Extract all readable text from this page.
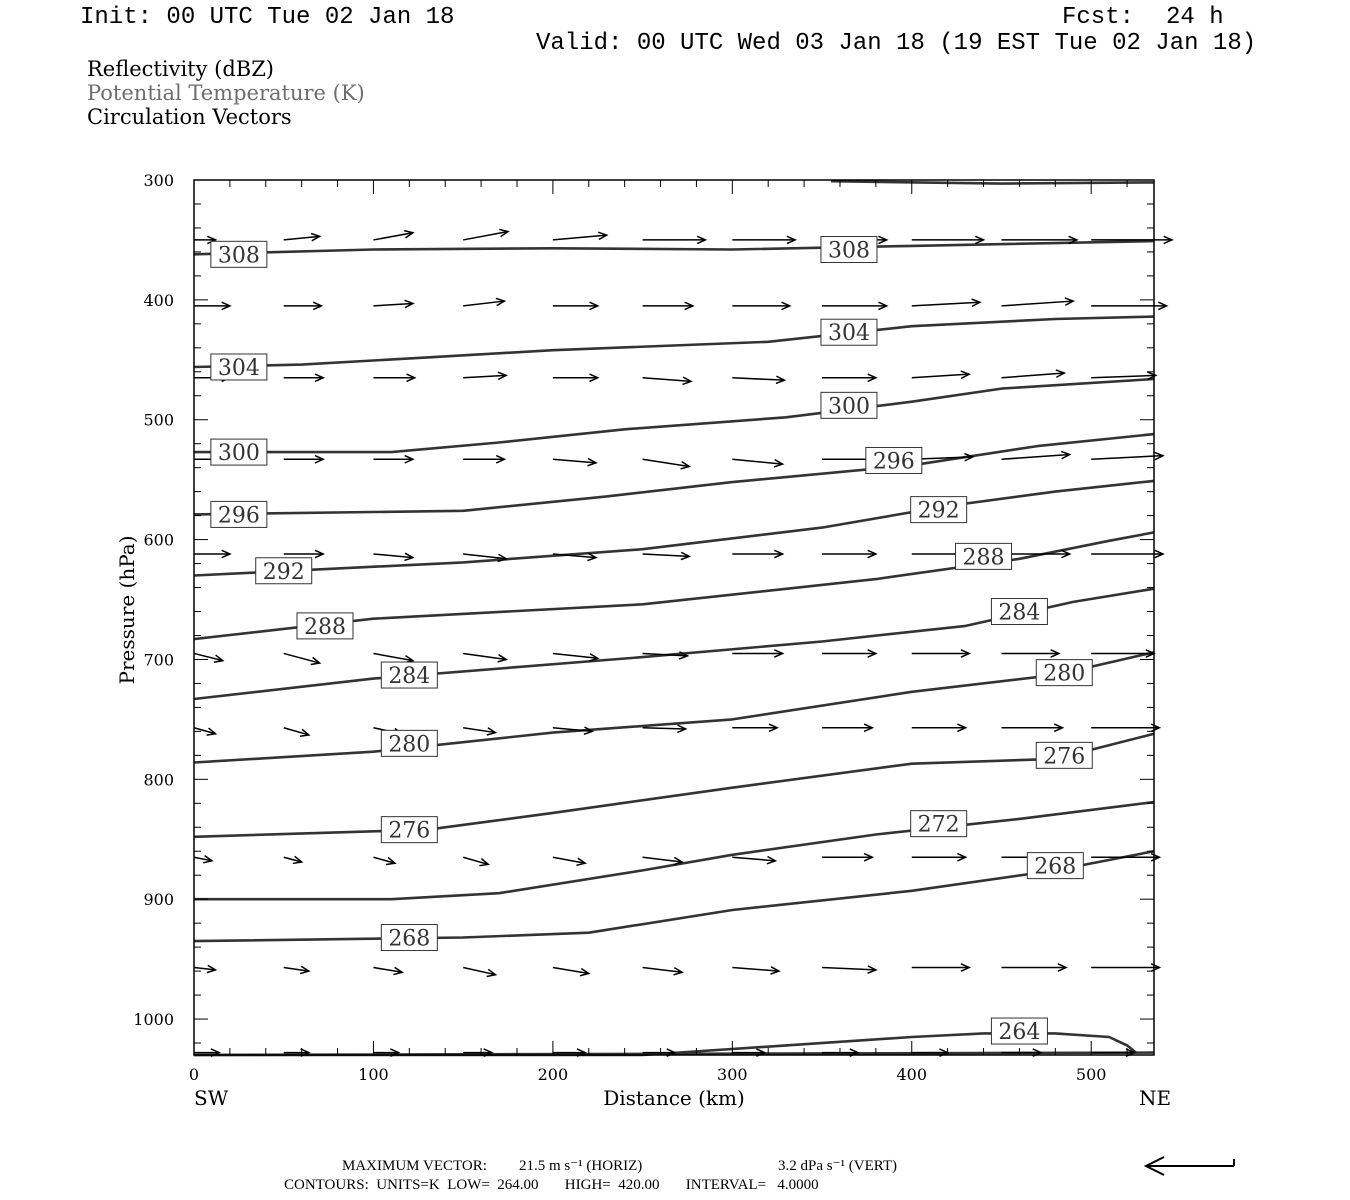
Init: 00 UTC Tue 02 Jan 18	Fcst: 24 h
Valid: 00 UTC Wed 03 Jan 18 (19 EST Tue 02 Jan 18)
Reflectivity (dBZ)
Potential Temperature (K)
Circulation Vectors
308	308
304
304
300
300
296
296
292
292
288
288
284
284
280
280
276
276
272
268
268
264
0	100	200	300	400	500
300
400
500
600
700
800
900
1000
Distance (km)
SW	NE
Pressure (hPa)
MAXIMUM VECTOR: 21.5 m s⁻¹ (HORIZ)	3.2 dPa s⁻¹ (VERT)
CONTOURS:  UNITS=K  LOW=  264.00       HIGH=  420.00       INTERVAL=   4.0000
